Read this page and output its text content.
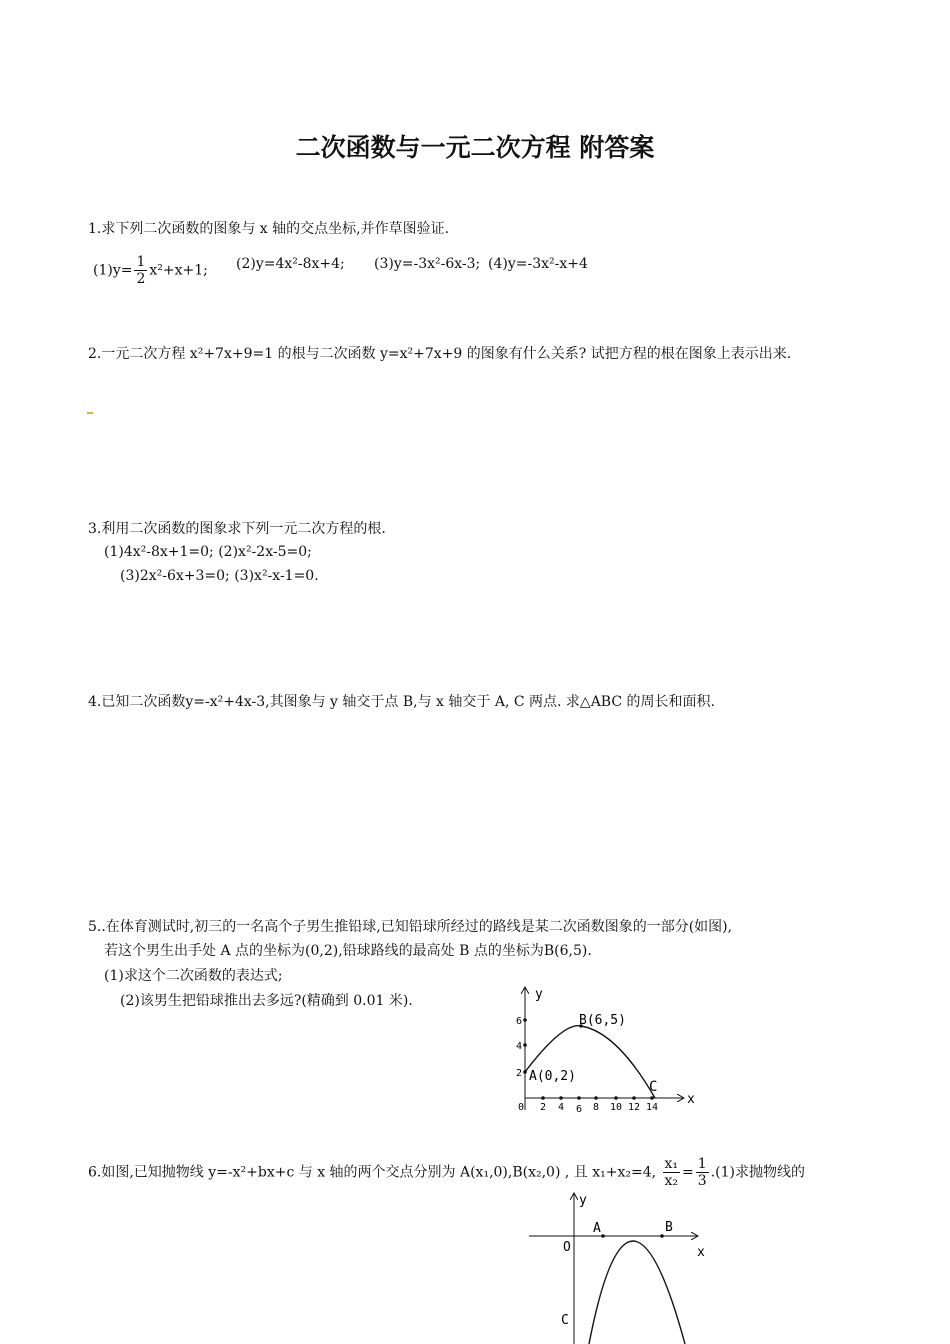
二次函数与一元二次方程 附答案
1.求下列二次函数的图象与 x 轴的交点坐标,并作草图验证.
$(1)y= \frac{1}{2} x^2+x+1$; (2)y=4x²-8x+4; (3)y=-3x²-6x-3; (4)y=-3x²-x+4
2.一元二次方程 x²+7x+9=1 的根与二次函数 y=x²+7x+9 的图象有什么关系? 试把方程的根在图象上表示出来.
3.利用二次函数的图象求下列一元二次方程的根.
(1)4x²-8x+1=0; (2)x²-2x-5=0;
(3)2x²-6x+3=0; (3)x²-x-1=0.
4.已知二次函数y=-x²+4x-3,其图象与 y 轴交于点 B,与 x 轴交于 A, C 两点. 求△ABC 的周长和面积.
5..在体育测试时,初三的一名高个子男生推铅球,已知铅球所经过的路线是某二次函数图象的一部分(如图),
若这个男生出手处 A 点的坐标为(0,2),铅球路线的最高处 B 点的坐标为B(6,5).
(1)求这个二次函数的表达式;
(2)该男生把铅球推出去多远?(精确到 0.01 米).	y
x
6
4
2
0 2 4 6 8 10 12 14
A(0,2)
B(6,5)
C
6.如图,已知抛物线 y=-x²+bx+c 与 x 轴的两个交点分别为 A(x₁,0),B(x₂,0) , 且 x₁+x₂=4, $\frac{\text{x₁}}{\text{x₂}} = \frac{1}{3} .(1)$求抛物线的
y
x
O
A	B
C
